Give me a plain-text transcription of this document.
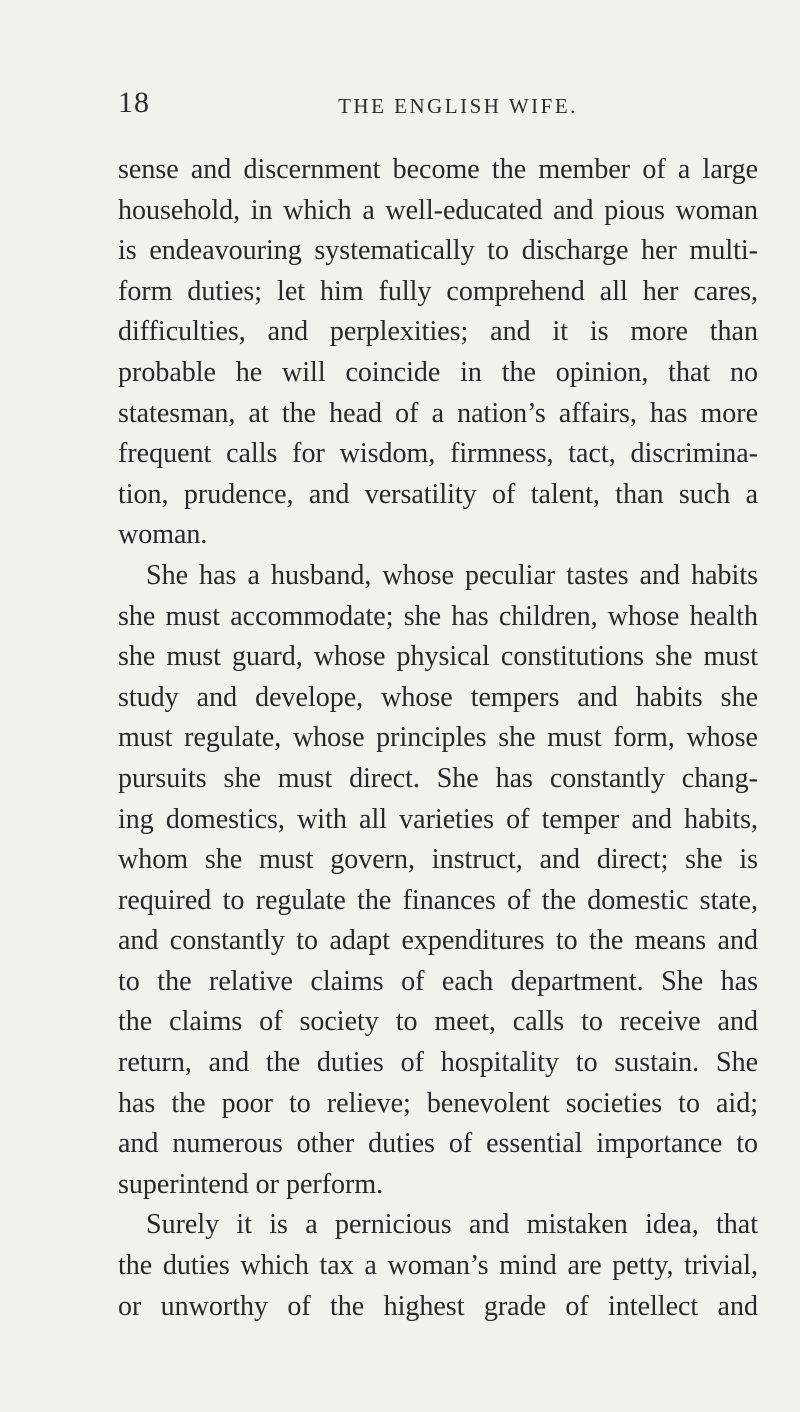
18	THE ENGLISH WIFE.
sense and discernment become the member of a large
household, in which a well-educated and pious woman
is endeavouring systematically to discharge her multi-
form duties; let him fully comprehend all her cares,
difficulties, and perplexities; and it is more than
probable he will coincide in the opinion, that no
statesman, at the head of a nation’s affairs, has more
frequent calls for wisdom, firmness, tact, discrimina-
tion, prudence, and versatility of talent, than such a
woman.
She has a husband, whose peculiar tastes and habits
she must accommodate; she has children, whose health
she must guard, whose physical constitutions she must
study and develope, whose tempers and habits she
must regulate, whose principles she must form, whose
pursuits she must direct. She has constantly chang-
ing domestics, with all varieties of temper and habits,
whom she must govern, instruct, and direct; she is
required to regulate the finances of the domestic state,
and constantly to adapt expenditures to the means and
to the relative claims of each department. She has
the claims of society to meet, calls to receive and
return, and the duties of hospitality to sustain. She
has the poor to relieve; benevolent societies to aid;
and numerous other duties of essential importance to
superintend or perform.
Surely it is a pernicious and mistaken idea, that
the duties which tax a woman’s mind are petty, trivial,
or unworthy of the highest grade of intellect and
